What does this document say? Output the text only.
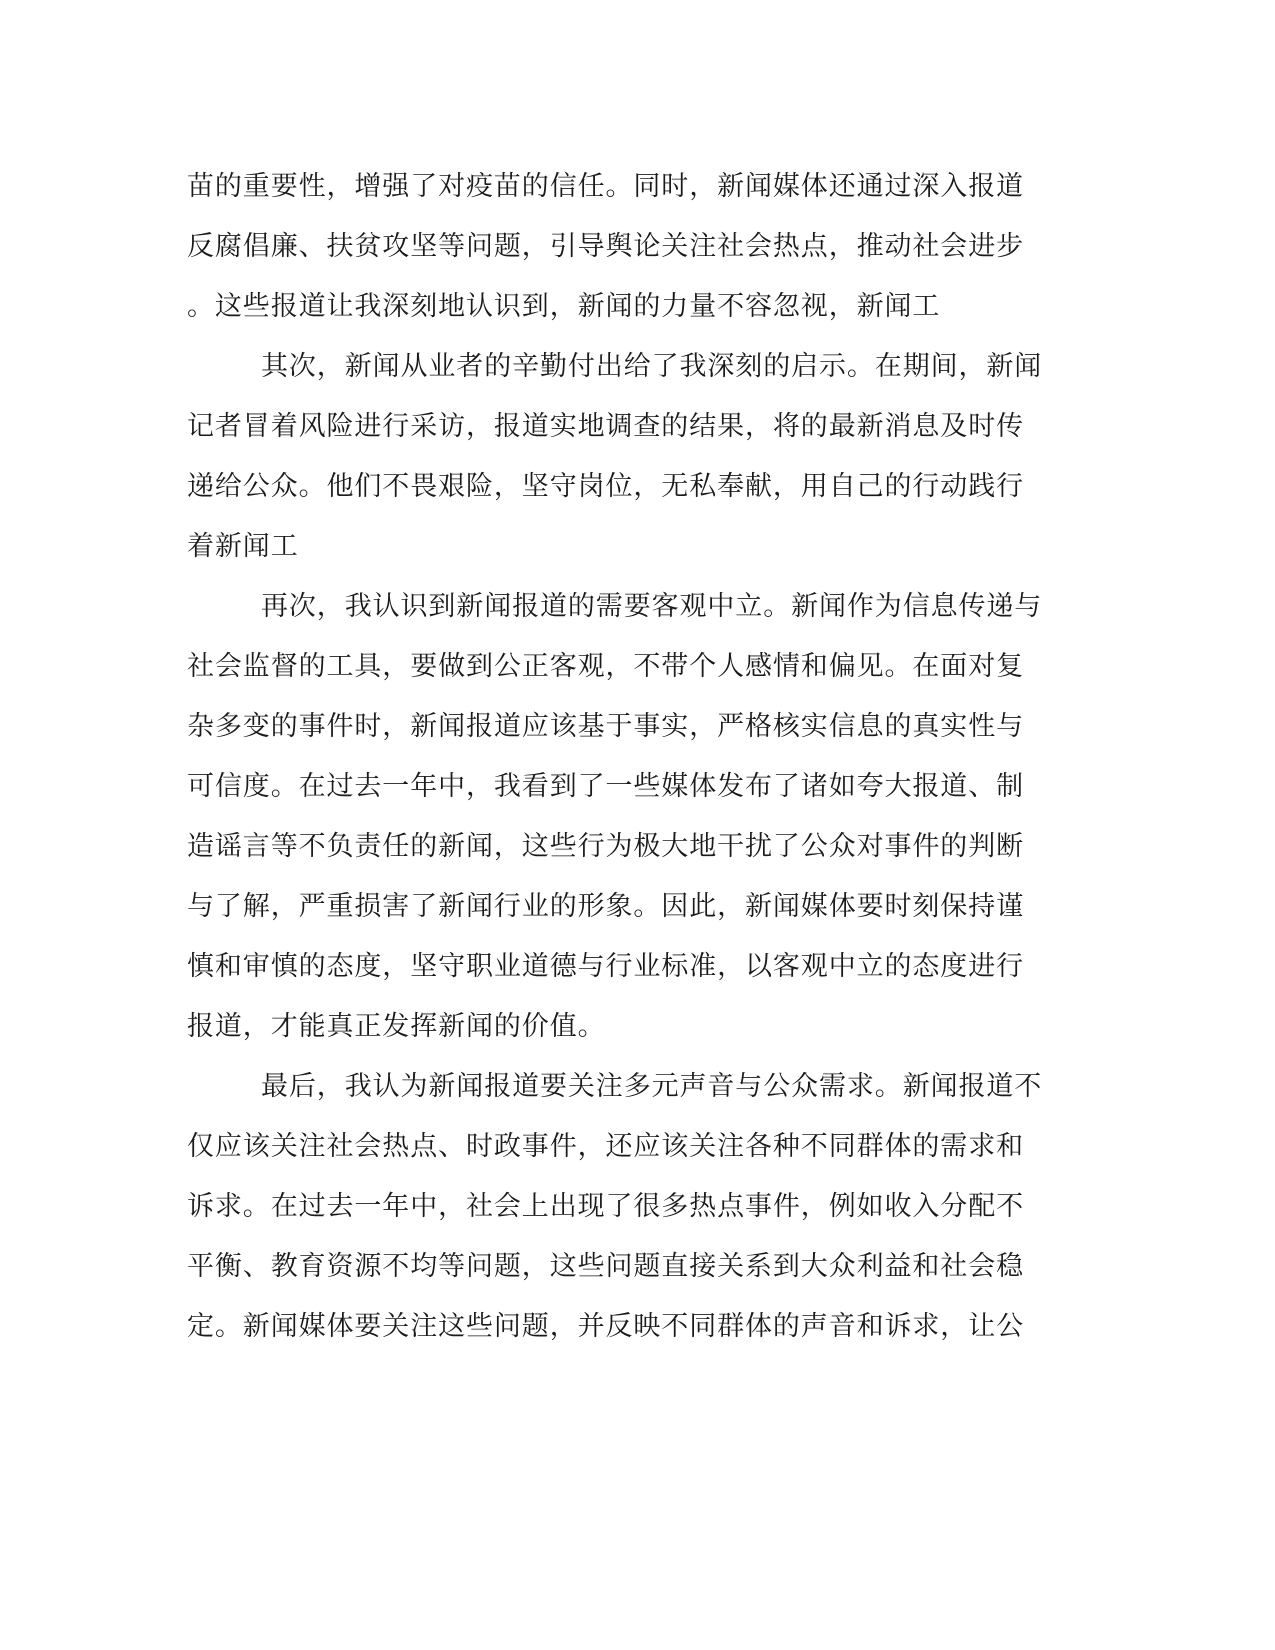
苗的重要性，增强了对疫苗的信任。同时，新闻媒体还通过深入报道
反腐倡廉、扶贫攻坚等问题，引导舆论关注社会热点，推动社会进步
。这些报道让我深刻地认识到，新闻的力量不容忽视，新闻工
其次，新闻从业者的辛勤付出给了我深刻的启示。在期间，新闻
记者冒着风险进行采访，报道实地调查的结果，将的最新消息及时传
递给公众。他们不畏艰险，坚守岗位，无私奉献，用自己的行动践行
着新闻工
再次，我认识到新闻报道的需要客观中立。新闻作为信息传递与
社会监督的工具，要做到公正客观，不带个人感情和偏见。在面对复
杂多变的事件时，新闻报道应该基于事实，严格核实信息的真实性与
可信度。在过去一年中，我看到了一些媒体发布了诸如夸大报道、制
造谣言等不负责任的新闻，这些行为极大地干扰了公众对事件的判断
与了解，严重损害了新闻行业的形象。因此，新闻媒体要时刻保持谨
慎和审慎的态度，坚守职业道德与行业标准，以客观中立的态度进行
报道，才能真正发挥新闻的价值。
最后，我认为新闻报道要关注多元声音与公众需求。新闻报道不
仅应该关注社会热点、时政事件，还应该关注各种不同群体的需求和
诉求。在过去一年中，社会上出现了很多热点事件，例如收入分配不
平衡、教育资源不均等问题，这些问题直接关系到大众利益和社会稳
定。新闻媒体要关注这些问题，并反映不同群体的声音和诉求，让公
